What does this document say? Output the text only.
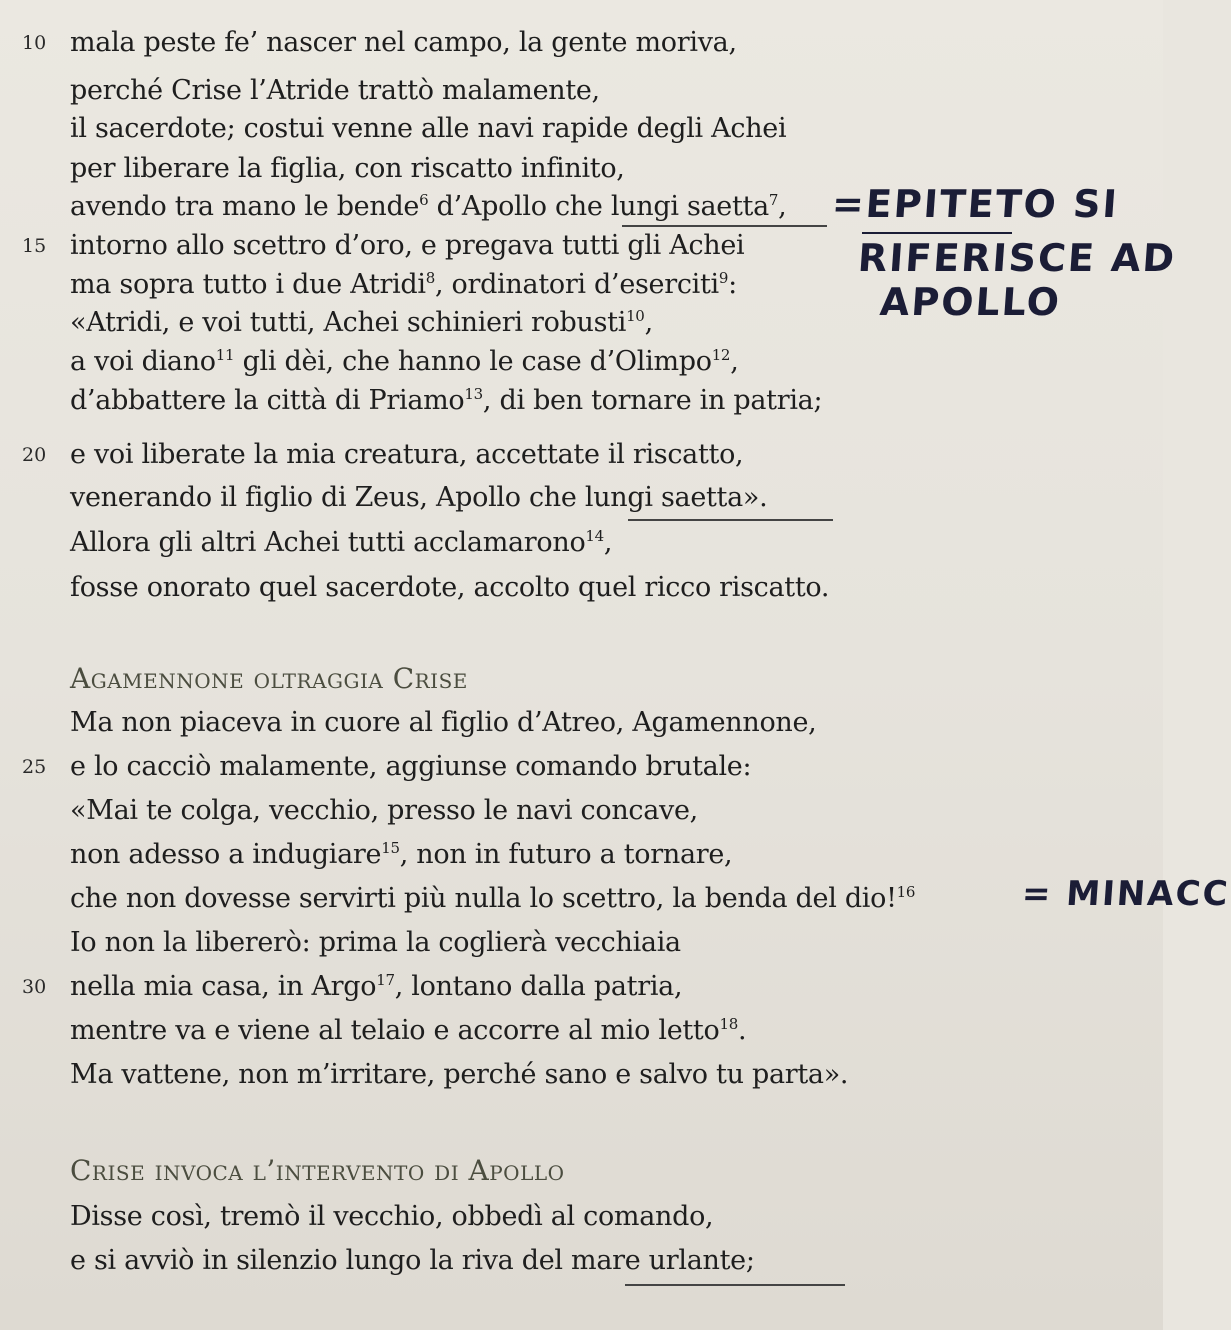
10 mala peste fe’ nascer nel campo, la gente moriva,
perché Crise l’Atride trattò malamente,
il sacerdote; costui venne alle navi rapide degli Achei
per liberare la figlia, con riscatto infinito,
avendo tra mano le bende$^6$ d’Apollo che lungi saetta$^7$,
15 intorno allo scettro d’oro, e pregava tutti gli Achei
ma sopra tutto i due Atridi$^8$, ordinatori d’eserciti$^9$:
«Atridi, e voi tutti, Achei schinieri robusti$^{10}$,
a voi diano$^{11}$ gli dèi, che hanno le case d’Olimpo$^{12}$,
d’abbattere la città di Priamo$^{13}$, di ben tornare in patria;
20 e voi liberate la mia creatura, accettate il riscatto,
venerando il figlio di Zeus, Apollo che lungi saetta».
Allora gli altri Achei tutti acclamarono$^{14}$,
fosse onorato quel sacerdote, accolto quel ricco riscatto.
Agamennone oltraggia Crise
Ma non piaceva in cuore al figlio d’Atreo, Agamennone,
25 e lo cacciò malamente, aggiunse comando brutale:
«Mai te colga, vecchio, presso le navi concave,
non adesso a indugiare$^{15}$, non in futuro a tornare,
che non dovesse servirti più nulla lo scettro, la benda del dio!$^{16}$
Io non la libererò: prima la coglierà vecchiaia
30 nella mia casa, in Argo$^{17}$, lontano dalla patria,
mentre va e viene al telaio e accorre al mio letto$^{18}$.
Ma vattene, non m’irritare, perché sano e salvo tu parta».
Crise invoca l’intervento di Apollo
Disse così, tremò il vecchio, obbedì al comando,
e si avviò in silenzio lungo la riva del mare urlante;
=EPITETO SI
RIFERISCE AD
APOLLO
= MINACC
